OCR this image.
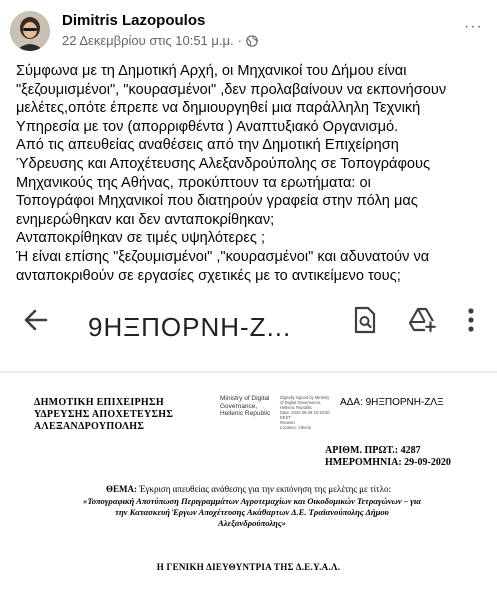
Dimitris Lazopoulos
22 Δεκεμβρίου στις 10:51 μ.μ. ·
···
Σύμφωνα με τη Δημοτική Αρχή, οι Μηχανικοί του Δήμου είναι
"ξεζουμισμένοι", "κουρασμένοι" ,δεν προλαβαίνουν να εκπονήσουν
μελέτες,οπότε έπρεπε να δημιουργηθεί μια παράλληλη Τεχνική
Υπηρεσία με τον (απορριφθέντα ) Αναπτυξιακό Οργανισμό.
Από τις απευθείας αναθέσεις από την Δημοτική Επιχείρηση
Ύδρευσης και Αποχέτευσης Αλεξανδρούπολης σε Τοπογράφους
Μηχανικούς της Αθήνας, προκύπτουν τα ερωτήματα: οι
Τοπογράφοι Μηχανικοί που διατηρούν γραφεία στην πόλη μας
ενημερώθηκαν και δεν ανταποκρίθηκαν;
Ανταποκρίθηκαν σε τιμές υψηλότερες ;
Ή είναι επίσης "ξεζουμισμένοι" ,"κουρασμένοι" και αδυνατούν να
ανταποκριθούν σε εργασίες σχετικές με το αντικείμενο τους;
9ΗΞΠΟΡΝΗ-Ζ...
ΔΗΜΟΤΙΚΗ ΕΠΙΧΕΙΡΗΣΗ
ΥΔΡΕΥΣΗΣ ΑΠΟΧΕΤΕΥΣΗΣ
ΑΛΕΞΑΝΔΡΟΥΠΟΛΗΣ
Ministry of Digital
Governance,
Hellenic Republic
Digitally signed by Ministry
of Digital Governance,
Hellenic Republic
Date: 2020.09.29 10:18:00
EEST
Reason:
Location: Athens
ΑΔΑ: 9ΗΞΠΟΡΝΗ-ΖΛΞ
ΑΡΙΘΜ. ΠΡΩΤ.: 4287
ΗΜΕΡΟΜΗΝΙΑ: 29-09-2020
ΘΕΜΑ: Έγκριση απευθείας ανάθεσης για την εκπόνηση της μελέτης με τίτλο:
«Τοπογραφική Αποτύπωση Περιγραμμάτων Αγροτεμαχίων και Οικοδομικών Τετραγώνων – για
την Κατασκευή Έργων Αποχέτευσης Ακάθαρτων Δ.Ε. Τραϊανούπολης Δήμου
Αλεξανδρούπολης»
Η ΓΕΝΙΚΗ ΔΙΕΥΘΥΝΤΡΙΑ ΤΗΣ Δ.Ε.Υ.Α.Λ.
